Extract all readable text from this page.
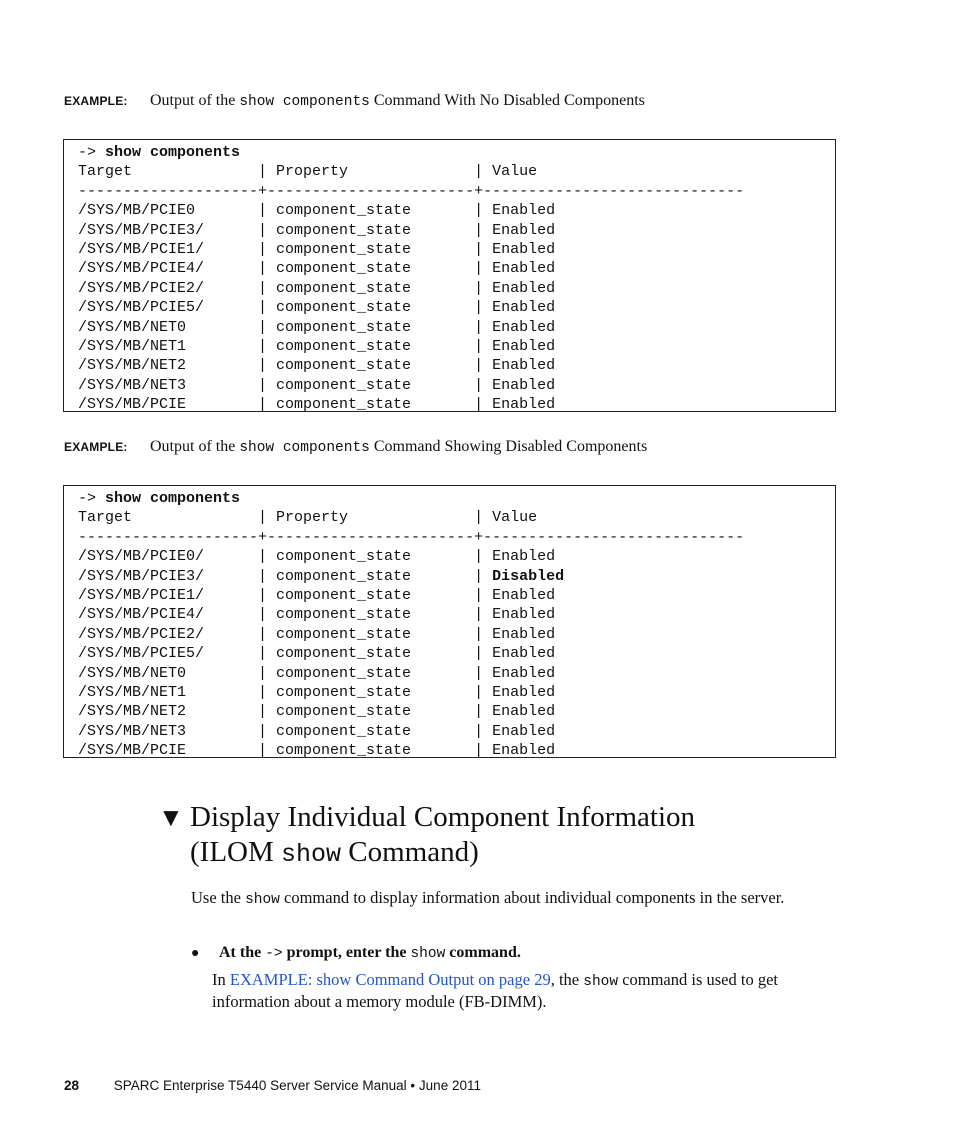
EXAMPLE: Output of the show components Command With No Disabled Components
-> show components
Target              | Property              | Value
--------------------+-----------------------+-----------------------------
/SYS/MB/PCIE0       | component_state       | Enabled
/SYS/MB/PCIE3/      | component_state       | Enabled
/SYS/MB/PCIE1/      | component_state       | Enabled
/SYS/MB/PCIE4/      | component_state       | Enabled
/SYS/MB/PCIE2/      | component_state       | Enabled
/SYS/MB/PCIE5/      | component_state       | Enabled
/SYS/MB/NET0        | component_state       | Enabled
/SYS/MB/NET1        | component_state       | Enabled
/SYS/MB/NET2        | component_state       | Enabled
/SYS/MB/NET3        | component_state       | Enabled
/SYS/MB/PCIE        | component_state       | Enabled
EXAMPLE: Output of the show components Command Showing Disabled Components
-> show components
Target              | Property              | Value
--------------------+-----------------------+-----------------------------
/SYS/MB/PCIE0/      | component_state       | Enabled
/SYS/MB/PCIE3/      | component_state       | Disabled
/SYS/MB/PCIE1/      | component_state       | Enabled
/SYS/MB/PCIE4/      | component_state       | Enabled
/SYS/MB/PCIE2/      | component_state       | Enabled
/SYS/MB/PCIE5/      | component_state       | Enabled
/SYS/MB/NET0        | component_state       | Enabled
/SYS/MB/NET1        | component_state       | Enabled
/SYS/MB/NET2        | component_state       | Enabled
/SYS/MB/NET3        | component_state       | Enabled
/SYS/MB/PCIE        | component_state       | Enabled
▼ Display Individual Component Information
(ILOM show Command)

Use the show command to display information about individual components in the server.

● At the -> prompt, enter the show command.

In EXAMPLE: show Command Output on page 29, the show command is used to get information about a memory module (FB-DIMM).

28	SPARC Enterprise T5440 Server Service Manual • June 2011
